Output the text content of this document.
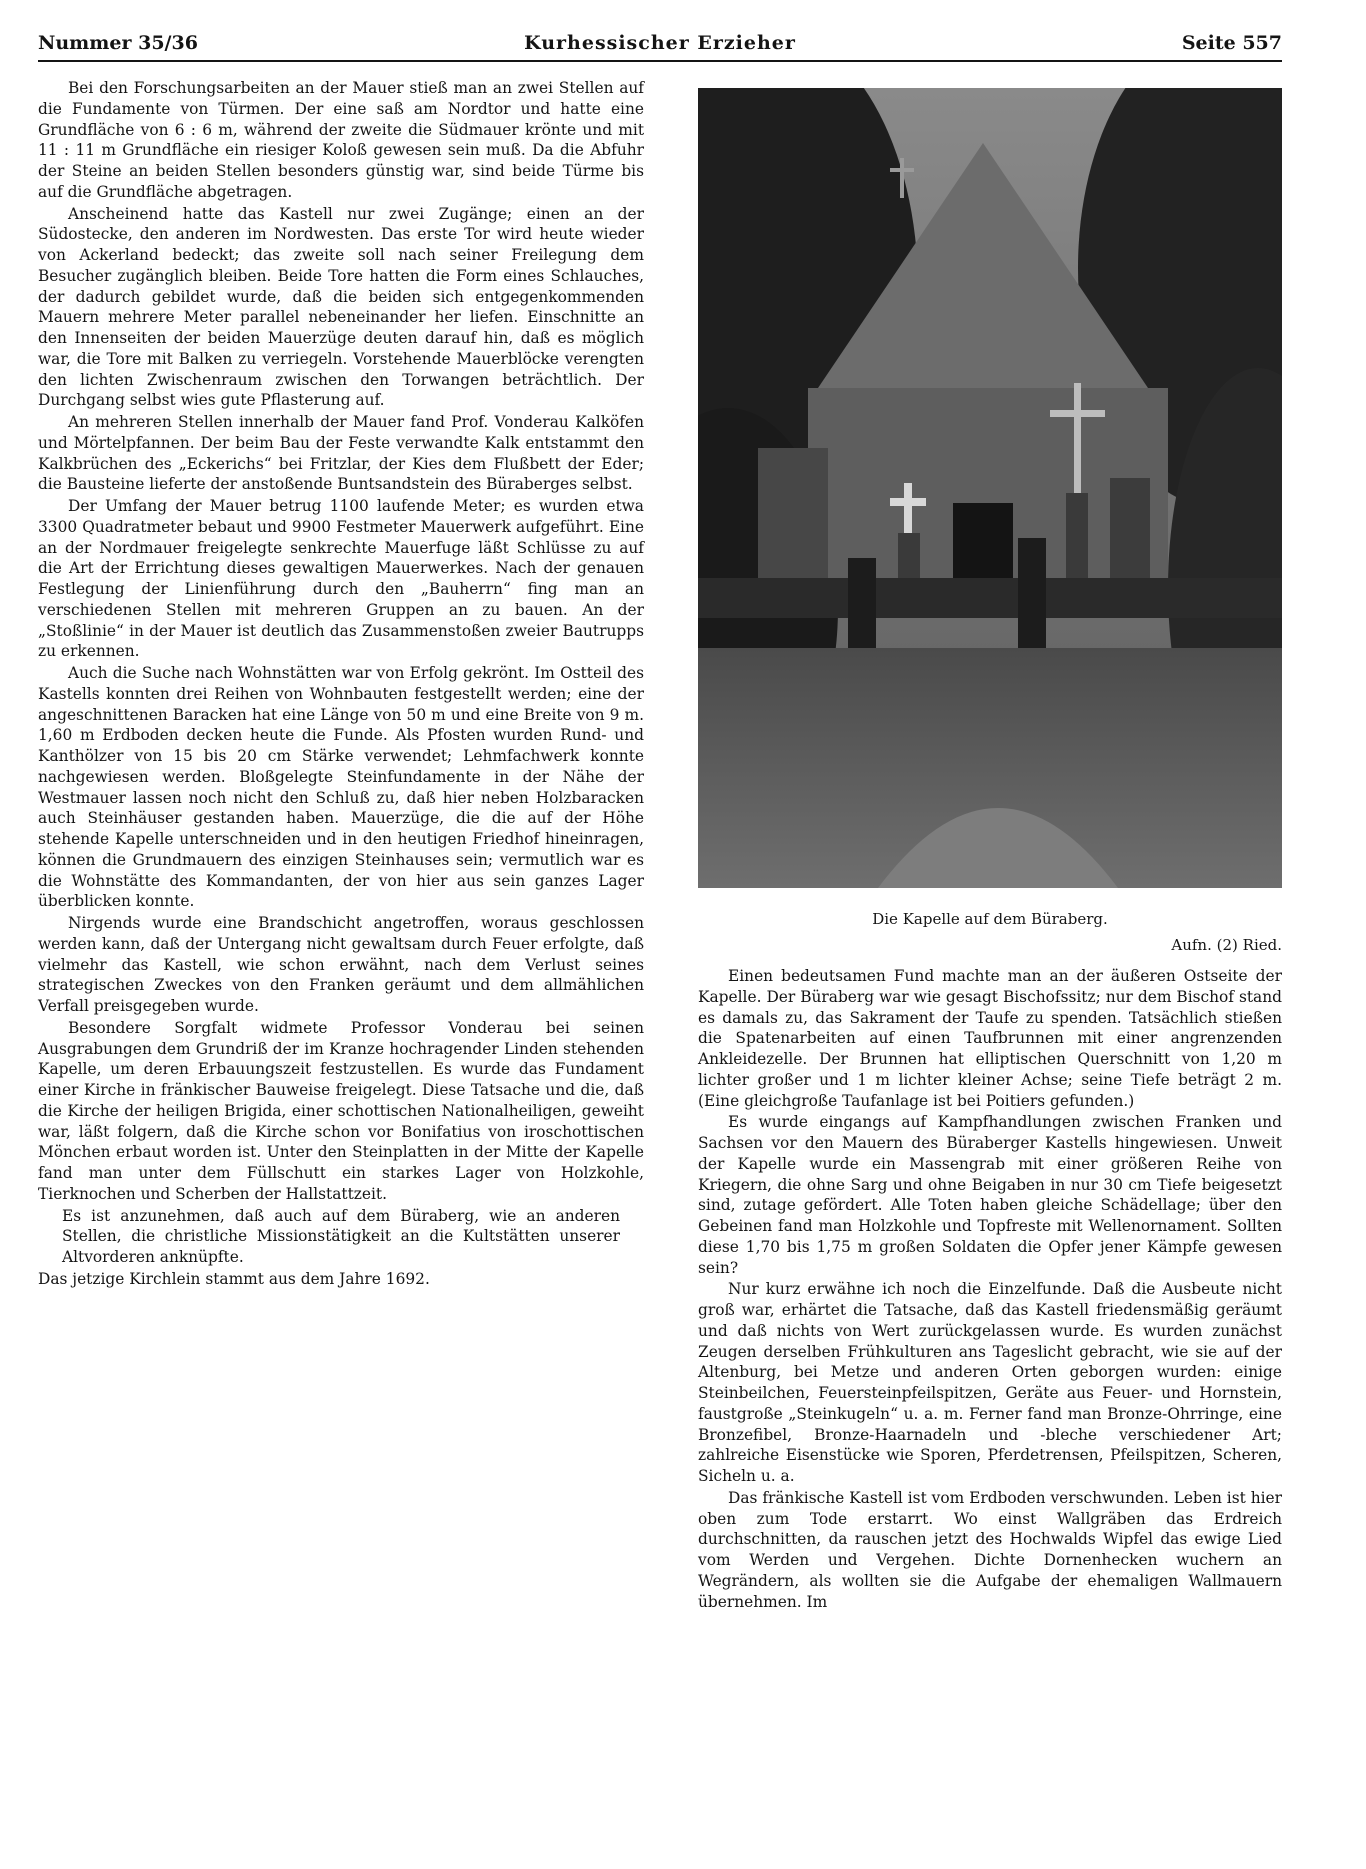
Nummer 35/36	Kurhessischer Erzieher	Seite 557

Bei den Forschungsarbeiten an der Mauer stieß man an zwei Stellen auf die Fundamente von Türmen. Der eine saß am Nordtor und hatte eine Grundfläche von 6 : 6 m, während der zweite die Südmauer krönte und mit 11 : 11 m Grundfläche ein riesiger Koloß gewesen sein muß. Da die Abfuhr der Steine an beiden Stellen besonders günstig war, sind beide Türme bis auf die Grundfläche abgetragen.

Anscheinend hatte das Kastell nur zwei Zugänge; einen an der Südostecke, den anderen im Nordwesten. Das erste Tor wird heute wieder von Ackerland bedeckt; das zweite soll nach seiner Freilegung dem Besucher zugänglich bleiben. Beide Tore hatten die Form eines Schlauches, der dadurch gebildet wurde, daß die beiden sich entgegenkommenden Mauern mehrere Meter parallel nebeneinander her liefen. Einschnitte an den Innenseiten der beiden Mauerzüge deuten darauf hin, daß es möglich war, die Tore mit Balken zu verriegeln. Vorstehende Mauerblöcke verengten den lichten Zwischenraum zwischen den Torwangen beträchtlich. Der Durchgang selbst wies gute Pflasterung auf.

An mehreren Stellen innerhalb der Mauer fand Prof. Vonderau Kalköfen und Mörtelpfannen. Der beim Bau der Feste verwandte Kalk entstammt den Kalkbrüchen des „Eckerichs“ bei Fritzlar, der Kies dem Flußbett der Eder; die Bausteine lieferte der anstoßende Buntsandstein des Büraberges selbst.

Der Umfang der Mauer betrug 1100 laufende Meter; es wurden etwa 3300 Quadratmeter bebaut und 9900 Festmeter Mauerwerk aufgeführt. Eine an der Nordmauer freigelegte senkrechte Mauerfuge läßt Schlüsse zu auf die Art der Errichtung dieses gewaltigen Mauerwerkes. Nach der genauen Festlegung der Linienführung durch den „Bauherrn“ fing man an verschiedenen Stellen mit mehreren Gruppen an zu bauen. An der „Stoßlinie“ in der Mauer ist deutlich das Zusammenstoßen zweier Bautrupps zu erkennen.

Auch die Suche nach Wohnstätten war von Erfolg gekrönt. Im Ostteil des Kastells konnten drei Reihen von Wohnbauten festgestellt werden; eine der angeschnittenen Baracken hat eine Länge von 50 m und eine Breite von 9 m. 1,60 m Erdboden decken heute die Funde. Als Pfosten wurden Rund- und Kanthölzer von 15 bis 20 cm Stärke verwendet; Lehmfachwerk konnte nachgewiesen werden. Bloßgelegte Steinfundamente in der Nähe der Westmauer lassen noch nicht den Schluß zu, daß hier neben Holzbaracken auch Steinhäuser gestanden haben. Mauerzüge, die die auf der Höhe stehende Kapelle unterschneiden und in den heutigen Friedhof hineinragen, können die Grundmauern des einzigen Steinhauses sein; vermutlich war es die Wohnstätte des Kommandanten, der von hier aus sein ganzes Lager überblicken konnte.

Nirgends wurde eine Brandschicht angetroffen, woraus geschlossen werden kann, daß der Untergang nicht gewaltsam durch Feuer erfolgte, daß vielmehr das Kastell, wie schon erwähnt, nach dem Verlust seines strategischen Zweckes von den Franken geräumt und dem allmählichen Verfall preisgegeben wurde.

Besondere Sorgfalt widmete Professor Vonderau bei seinen Ausgrabungen dem Grundriß der im Kranze hochragender Linden stehenden Kapelle, um deren Erbauungszeit festzustellen. Es wurde das Fundament einer Kirche in fränkischer Bauweise freigelegt. Diese Tatsache und die, daß die Kirche der heiligen Brigida, einer schottischen Nationalheiligen, geweiht war, läßt folgern, daß die Kirche schon vor Bonifatius von iroschottischen Mönchen erbaut worden ist. Unter den Steinplatten in der Mitte der Kapelle fand man unter dem Füllschutt ein starkes Lager von Holzkohle, Tierknochen und Scherben der Hallstattzeit.

Es ist anzunehmen, daß auch auf dem Büraberg, wie an anderen Stellen, die christliche Missionstätigkeit an die Kultstätten unserer Altvorderen anknüpfte.

Das jetzige Kirchlein stammt aus dem Jahre 1692.

Die Kapelle auf dem Büraberg.
Aufn. (2) Ried.

Einen bedeutsamen Fund machte man an der äußeren Ostseite der Kapelle. Der Büraberg war wie gesagt Bischofssitz; nur dem Bischof stand es damals zu, das Sakrament der Taufe zu spenden. Tatsächlich stießen die Spatenarbeiten auf einen Taufbrunnen mit einer angrenzenden Ankleidezelle. Der Brunnen hat elliptischen Querschnitt von 1,20 m lichter großer und 1 m lichter kleiner Achse; seine Tiefe beträgt 2 m. (Eine gleichgroße Taufanlage ist bei Poitiers gefunden.)

Es wurde eingangs auf Kampfhandlungen zwischen Franken und Sachsen vor den Mauern des Büraberger Kastells hingewiesen. Unweit der Kapelle wurde ein Massengrab mit einer größeren Reihe von Kriegern, die ohne Sarg und ohne Beigaben in nur 30 cm Tiefe beigesetzt sind, zutage gefördert. Alle Toten haben gleiche Schädellage; über den Gebeinen fand man Holzkohle und Topfreste mit Wellenornament. Sollten diese 1,70 bis 1,75 m großen Soldaten die Opfer jener Kämpfe gewesen sein?

Nur kurz erwähne ich noch die Einzelfunde. Daß die Ausbeute nicht groß war, erhärtet die Tatsache, daß das Kastell friedensmäßig geräumt und daß nichts von Wert zurückgelassen wurde. Es wurden zunächst Zeugen derselben Frühkulturen ans Tageslicht gebracht, wie sie auf der Altenburg, bei Metze und anderen Orten geborgen wurden: einige Steinbeilchen, Feuersteinpfeilspitzen, Geräte aus Feuer- und Hornstein, faustgroße „Steinkugeln“ u. a. m. Ferner fand man Bronze-Ohrringe, eine Bronzefibel, Bronze-Haarnadeln und -bleche verschiedener Art; zahlreiche Eisenstücke wie Sporen, Pferdetrensen, Pfeilspitzen, Scheren, Sicheln u. a.

Das fränkische Kastell ist vom Erdboden verschwunden. Leben ist hier oben zum Tode erstarrt. Wo einst Wallgräben das Erdreich durchschnitten, da rauschen jetzt des Hochwalds Wipfel das ewige Lied vom Werden und Vergehen. Dichte Dornenhecken wuchern an Wegrändern, als wollten sie die Aufgabe der ehemaligen Wallmauern übernehmen. Im
